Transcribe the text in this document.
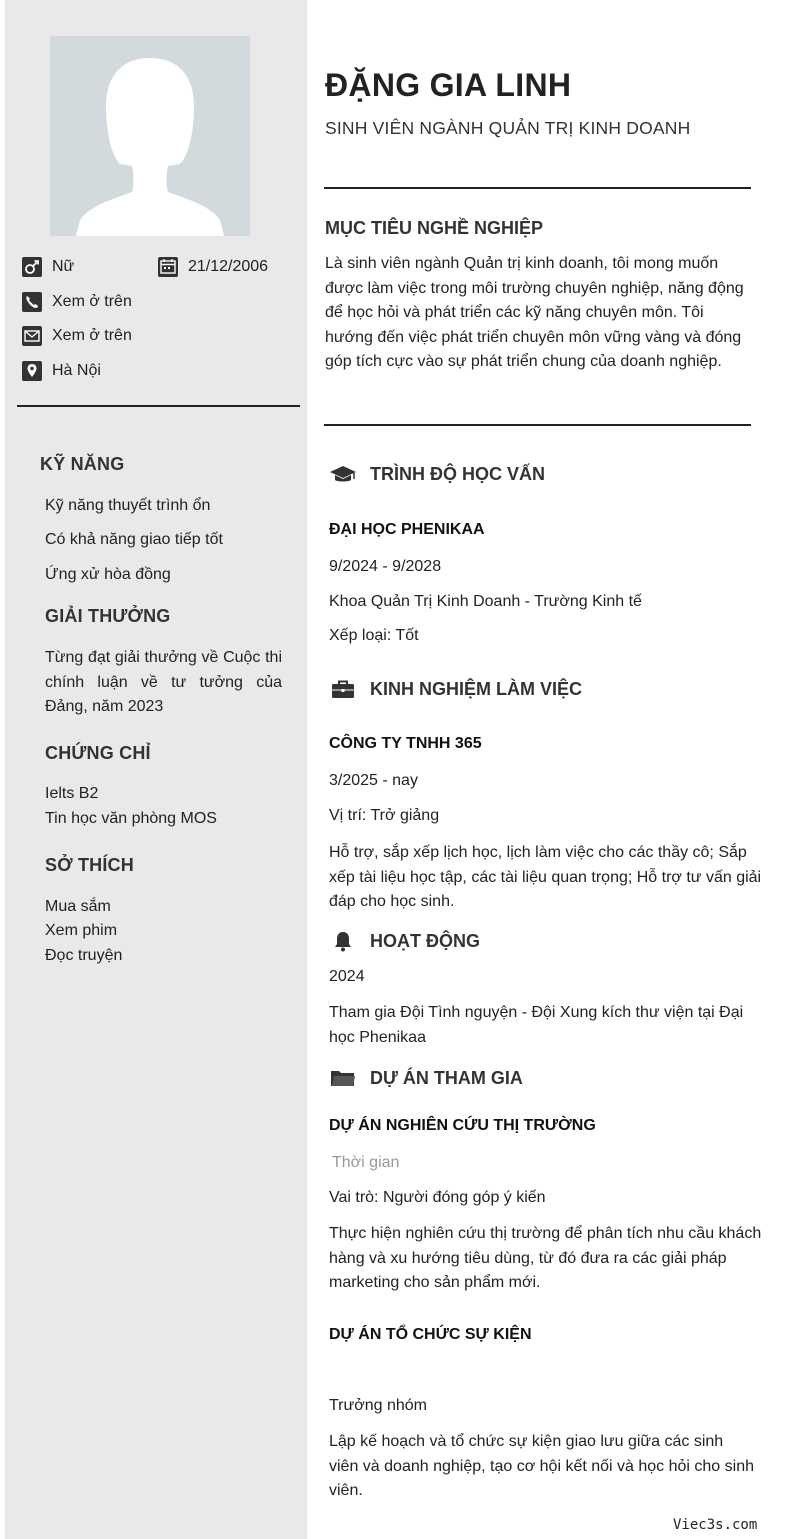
Nữ	21/12/2006
Xem ở trên
Xem ở trên
Hà Nội
KỸ NĂNG
Kỹ năng thuyết trình ổn
Có khả năng giao tiếp tốt
Ứng xử hòa đồng
GIẢI THƯỞNG
Từng đạt giải thưởng về Cuộc thi chính luận về tư tưởng của Đảng, năm 2023
CHỨNG CHỈ
Ielts B2
Tin học văn phòng MOS
SỞ THÍCH
Mua sắm
Xem phim
Đọc truyện
ĐẶNG GIA LINH
SINH VIÊN NGÀNH QUẢN TRỊ KINH DOANH
MỤC TIÊU NGHỀ NGHIỆP
Là sinh viên ngành Quản trị kinh doanh, tôi mong muốn được làm việc trong môi trường chuyên nghiệp, năng động để học hỏi và phát triển các kỹ năng chuyên môn. Tôi hướng đến việc phát triển chuyên môn vững vàng và đóng góp tích cực vào sự phát triển chung của doanh nghiệp.
TRÌNH ĐỘ HỌC VẤN
ĐẠI HỌC PHENIKAA
9/2024 - 9/2028
Khoa Quản Trị Kinh Doanh - Trường Kinh tế
Xếp loại: Tốt
KINH NGHIỆM LÀM VIỆC
CÔNG TY TNHH 365
3/2025 - nay
Vị trí: Trở giảng
Hỗ trợ, sắp xếp lịch học, lịch làm việc cho các thầy cô; Sắp xếp tài liệu học tập, các tài liệu quan trọng; Hỗ trợ tư vấn giải đáp cho học sinh.
HOẠT ĐỘNG
2024
Tham gia Đội Tình nguyện - Đội Xung kích thư viện tại Đại học Phenikaa
DỰ ÁN THAM GIA
DỰ ÁN NGHIÊN CỨU THỊ TRƯỜNG
Thời gian
Vai trò: Người đóng góp ý kiến
Thực hiện nghiên cứu thị trường để phân tích nhu cầu khách hàng và xu hướng tiêu dùng, từ đó đưa ra các giải pháp marketing cho sản phẩm mới.
DỰ ÁN TỔ CHỨC SỰ KIỆN
Trưởng nhóm
Lập kế hoạch và tổ chức sự kiện giao lưu giữa các sinh viên và doanh nghiệp, tạo cơ hội kết nối và học hỏi cho sinh viên.
Viec3s.com
